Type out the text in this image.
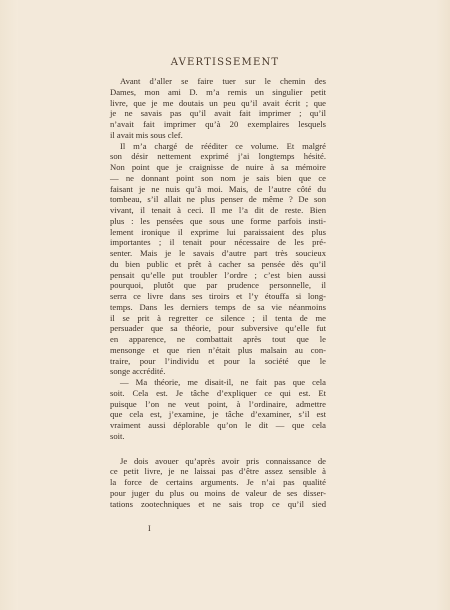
AVERTISSEMENT

Avant d’aller se faire tuer sur le chemin des

Dames, mon ami D. m’a remis un singulier petit

livre, que je me doutais un peu qu’il avait écrit ; que

je ne savais pas qu’il avait fait imprimer ; qu’il

n’avait fait imprimer qu’à 20 exemplaires lesquels

il avait mis sous clef.

Il m’a chargé de rééditer ce volume. Et malgré

son désir nettement exprimé j’ai longtemps hésité.

Non point que je craignisse de nuire à sa mémoire

— ne donnant point son nom je sais bien que ce

faisant je ne nuis qu’à moi. Mais, de l’autre côté du

tombeau, s’il allait ne plus penser de même ? De son

vivant, il tenait à ceci. Il me l’a dit de reste. Bien

plus : les pensées que sous une forme parfois insti-

lement ironique il exprime lui paraissaient des plus

importantes ; il tenait pour nécessaire de les pré-

senter. Mais je le savais d’autre part très soucieux

du bien public et prêt à cacher sa pensée dès qu’il

pensait qu’elle put troubler l’ordre ; c’est bien aussi

pourquoi, plutôt que par prudence personnelle, il

serra ce livre dans ses tiroirs et l’y étouffa si long-

temps. Dans les derniers temps de sa vie néanmoins

il se prit à regretter ce silence ; il tenta de me

persuader que sa théorie, pour subversive qu’elle fut

en apparence, ne combattait après tout que le

mensonge et que rien n’était plus malsain au con-

traire, pour l’individu et pour la société que le

songe accrédité.

— Ma théorie, me disait-il, ne fait pas que cela

soit. Cela est. Je tâche d’expliquer ce qui est. Et

puisque l’on ne veut point, à l’ordinaire, admettre

que cela est, j’examine, je tâche d’examiner, s’il est

vraiment aussi déplorable qu’on le dit — que cela

soit.

Je dois avouer qu’après avoir pris connaissance de

ce petit livre, je ne laissai pas d’être assez sensible à

la force de certains arguments. Je n’ai pas qualité

pour juger du plus ou moins de valeur de ses disser-

tations zootechniques et ne sais trop ce qu’il sied

I
